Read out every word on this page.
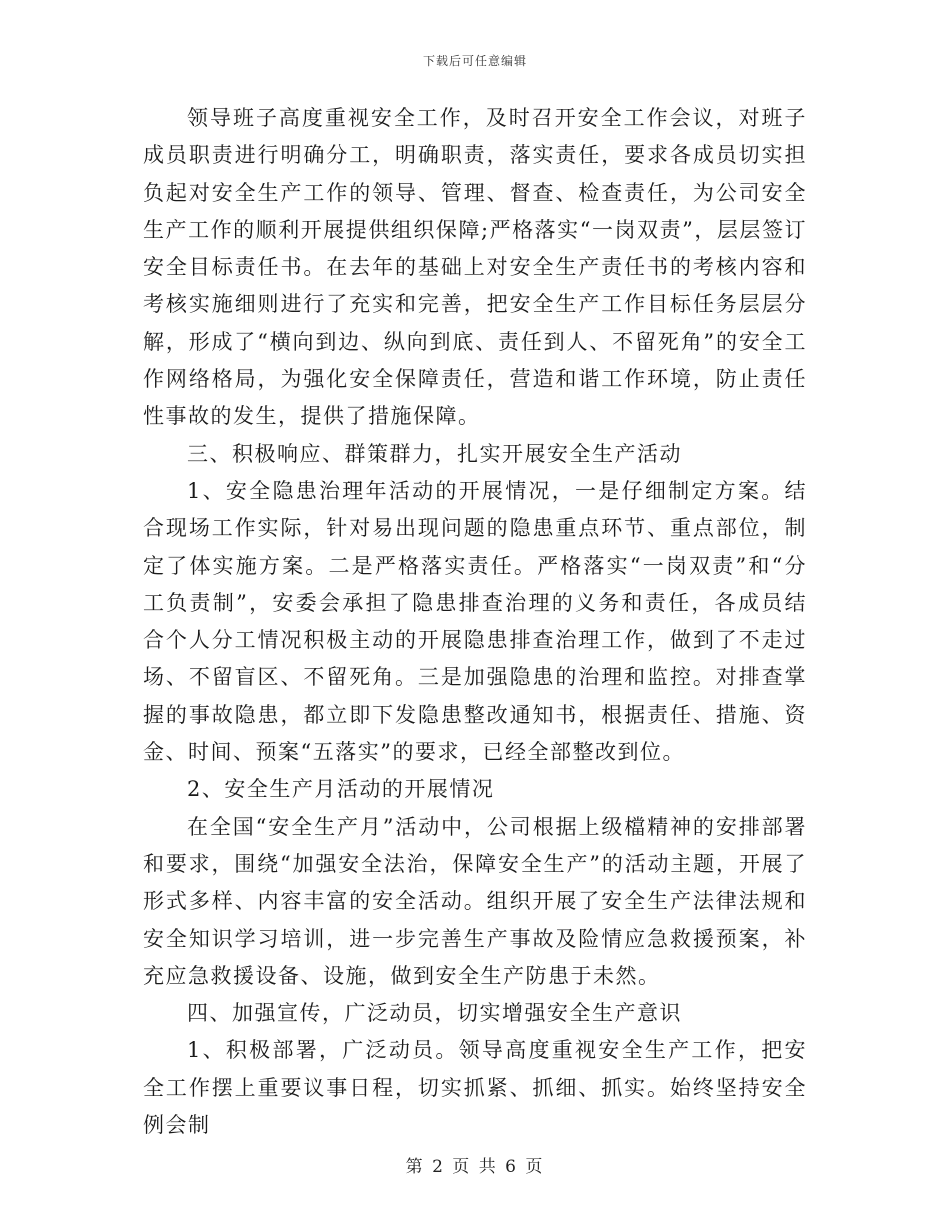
下载后可任意编辑

领导班子高度重视安全工作，及时召开安全工作会议，对班子成员职责进行明确分工，明确职责，落实责任，要求各成员切实担负起对安全生产工作的领导、管理、督查、检查责任，为公司安全生产工作的顺利开展提供组织保障;严格落实“一岗双责”，层层签订安全目标责任书。在去年的基础上对安全生产责任书的考核内容和考核实施细则进行了充实和完善，把安全生产工作目标任务层层分解，形成了“横向到边、纵向到底、责任到人、不留死角”的安全工作网络格局，为强化安全保障责任，营造和谐工作环境，防止责任性事故的发生，提供了措施保障。

三、积极响应、群策群力，扎实开展安全生产活动

1、安全隐患治理年活动的开展情况，一是仔细制定方案。结合现场工作实际，针对易出现问题的隐患重点环节、重点部位，制定了体实施方案。二是严格落实责任。严格落实“一岗双责”和“分工负责制”，安委会承担了隐患排查治理的义务和责任，各成员结合个人分工情况积极主动的开展隐患排查治理工作，做到了不走过场、不留盲区、不留死角。三是加强隐患的治理和监控。对排查掌握的事故隐患，都立即下发隐患整改通知书，根据责任、措施、资金、时间、预案“五落实”的要求，已经全部整改到位。

2、安全生产月活动的开展情况

在全国“安全生产月”活动中，公司根据上级檔精神的安排部署和要求，围绕“加强安全法治，保障安全生产”的活动主题，开展了形式多样、内容丰富的安全活动。组织开展了安全生产法律法规和安全知识学习培训，进一步完善生产事故及险情应急救援预案，补充应急救援设备、设施，做到安全生产防患于未然。

四、加强宣传，广泛动员，切实增强安全生产意识

1、积极部署，广泛动员。领导高度重视安全生产工作，把安全工作摆上重要议事日程，切实抓紧、抓细、抓实。始终坚持安全例会制

第 2 页 共 6 页
